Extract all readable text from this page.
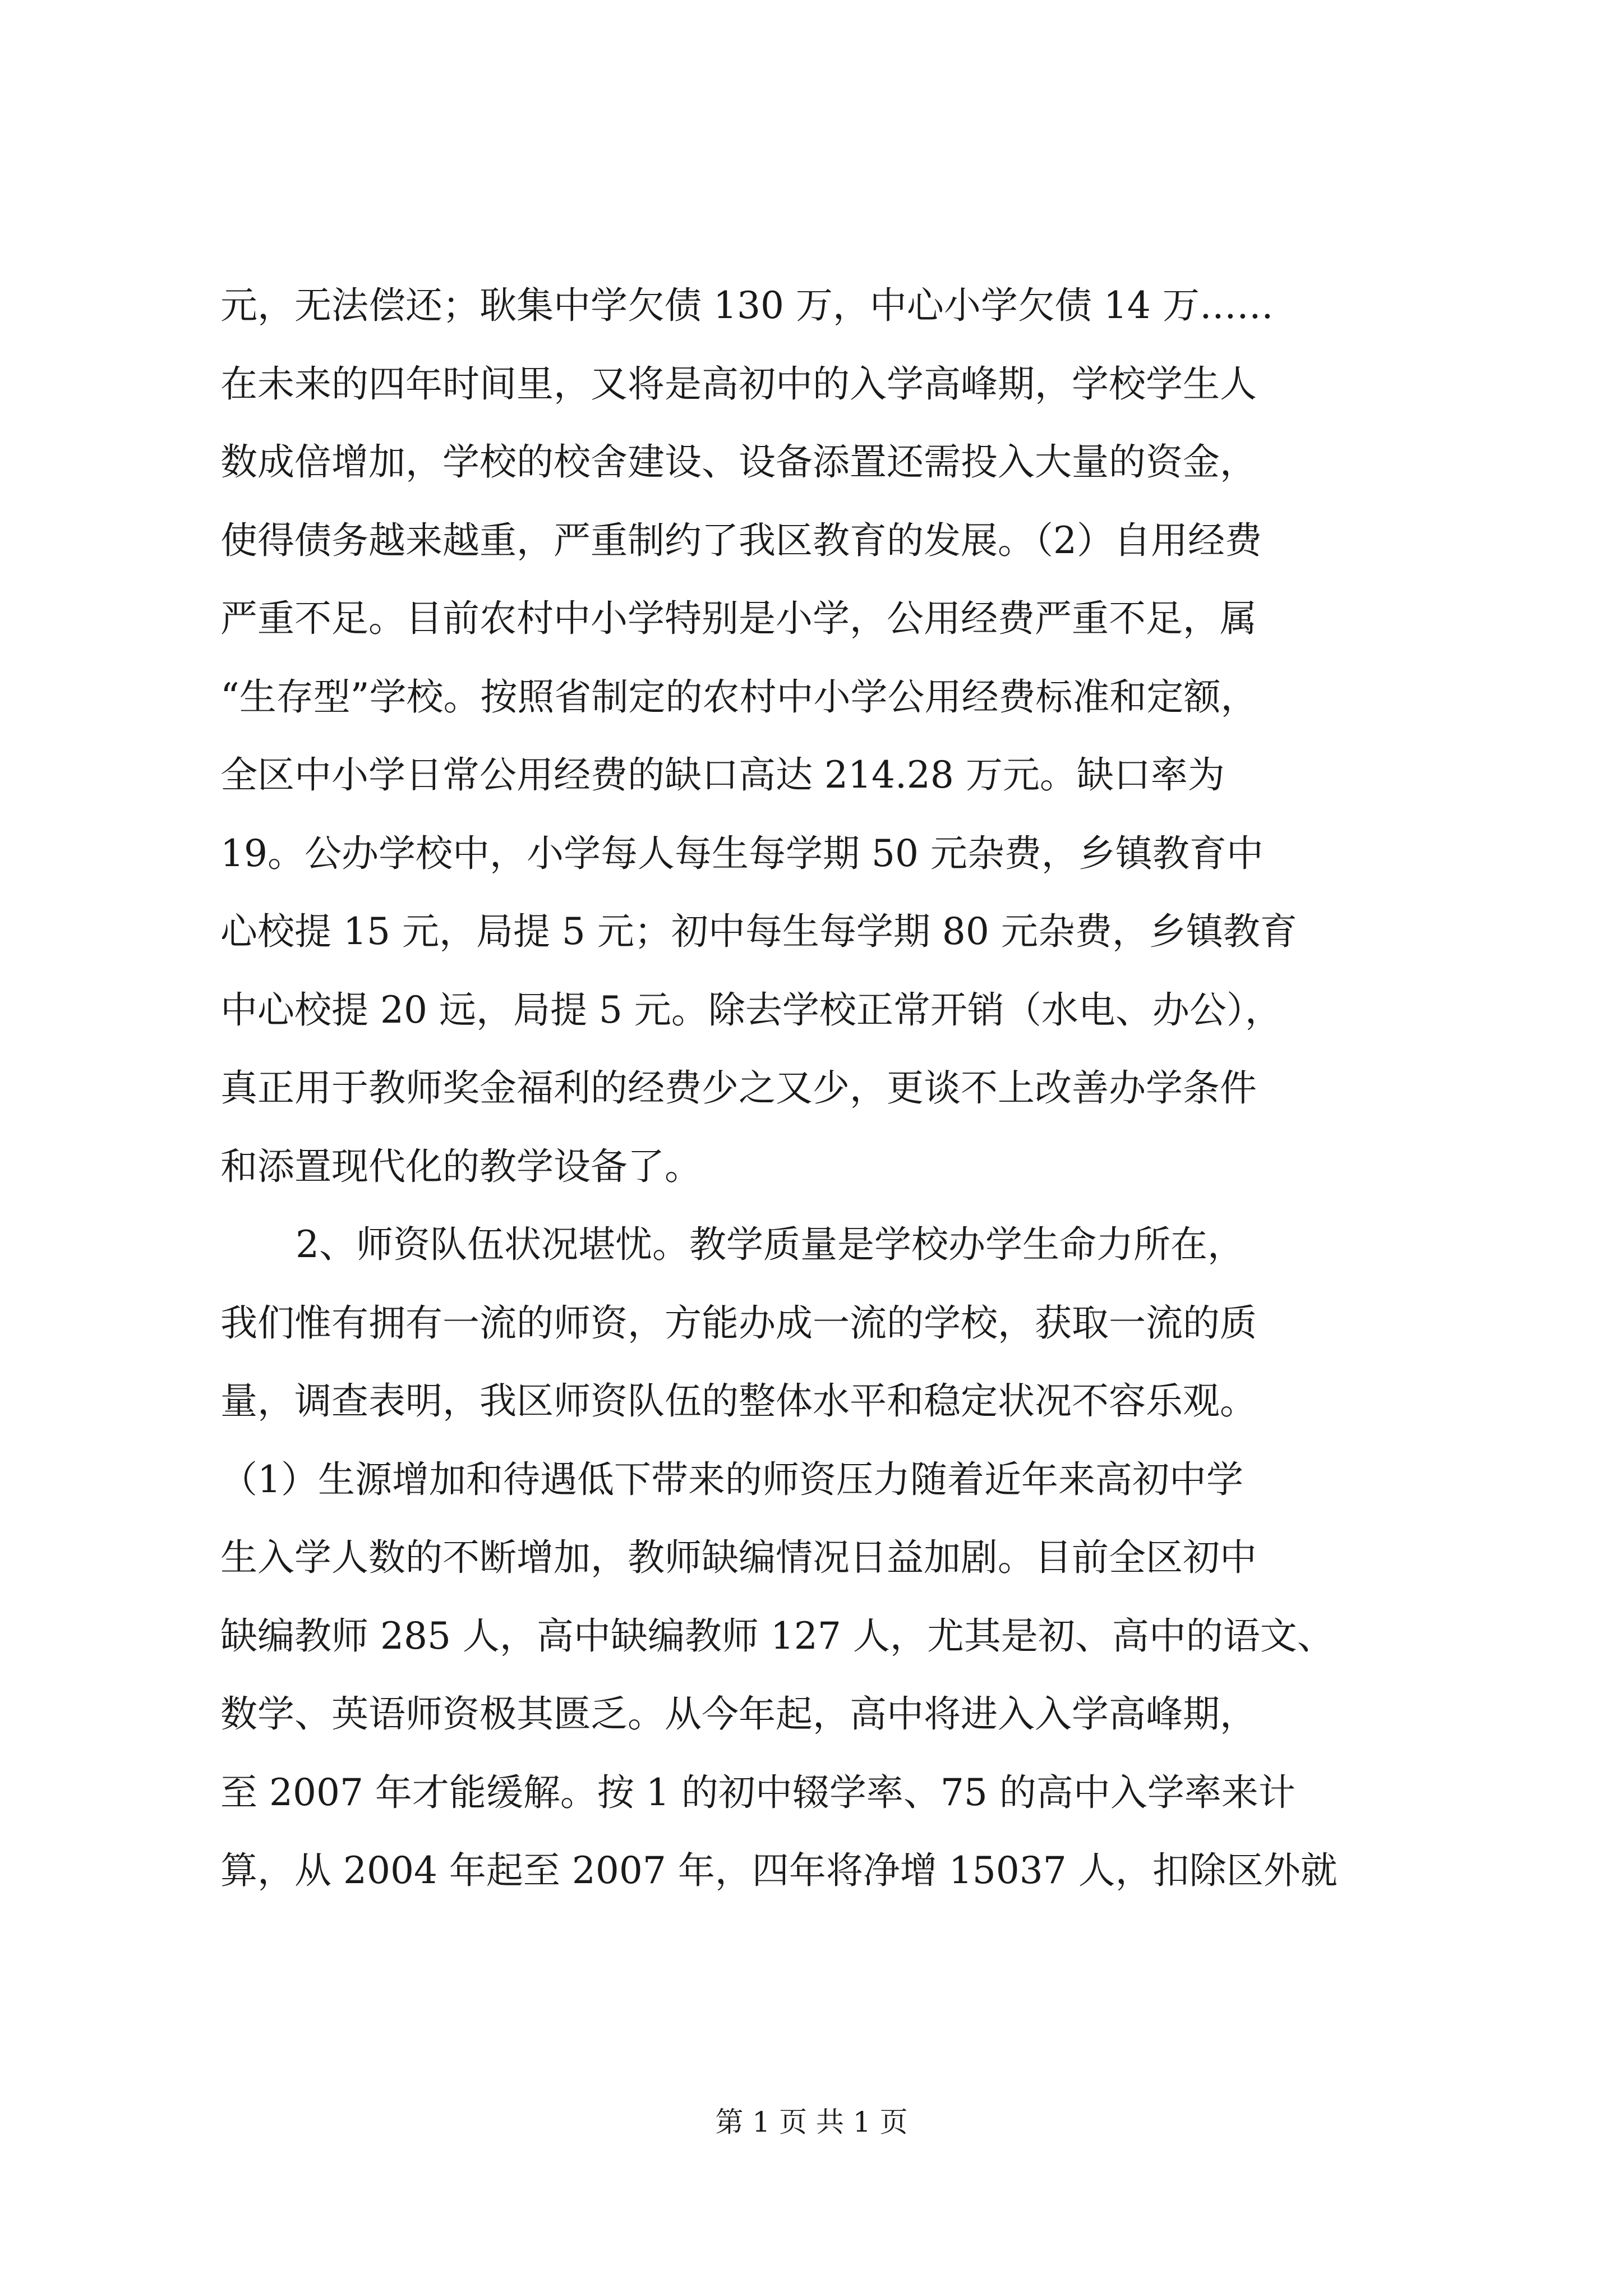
元，无法偿还；耿集中学欠债 130 万，中心小学欠债 14 万……
在未来的四年时间里，又将是高初中的入学高峰期，学校学生人
数成倍增加，学校的校舍建设、设备添置还需投入大量的资金，
使得债务越来越重，严重制约了我区教育的发展。（2）自用经费
严重不足。目前农村中小学特别是小学，公用经费严重不足，属
“生存型”学校。按照省制定的农村中小学公用经费标准和定额，
全区中小学日常公用经费的缺口高达 214.28 万元。缺口率为
19。公办学校中，小学每人每生每学期 50 元杂费，乡镇教育中
心校提 15 元，局提 5 元；初中每生每学期 80 元杂费，乡镇教育
中心校提 20 远，局提 5 元。除去学校正常开销（水电、办公），
真正用于教师奖金福利的经费少之又少，更谈不上改善办学条件
和添置现代化的教学设备了。
2、师资队伍状况堪忧。教学质量是学校办学生命力所在，
我们惟有拥有一流的师资，方能办成一流的学校，获取一流的质
量，调查表明，我区师资队伍的整体水平和稳定状况不容乐观。
（1）生源增加和待遇低下带来的师资压力随着近年来高初中学
生入学人数的不断增加，教师缺编情况日益加剧。目前全区初中
缺编教师 285 人，高中缺编教师 127 人，尤其是初、高中的语文、
数学、英语师资极其匮乏。从今年起，高中将进入入学高峰期，
至 2007 年才能缓解。按 1 的初中辍学率、75 的高中入学率来计
算，从 2004 年起至 2007 年，四年将净增 15037 人，扣除区外就
第 1 页 共 1 页
